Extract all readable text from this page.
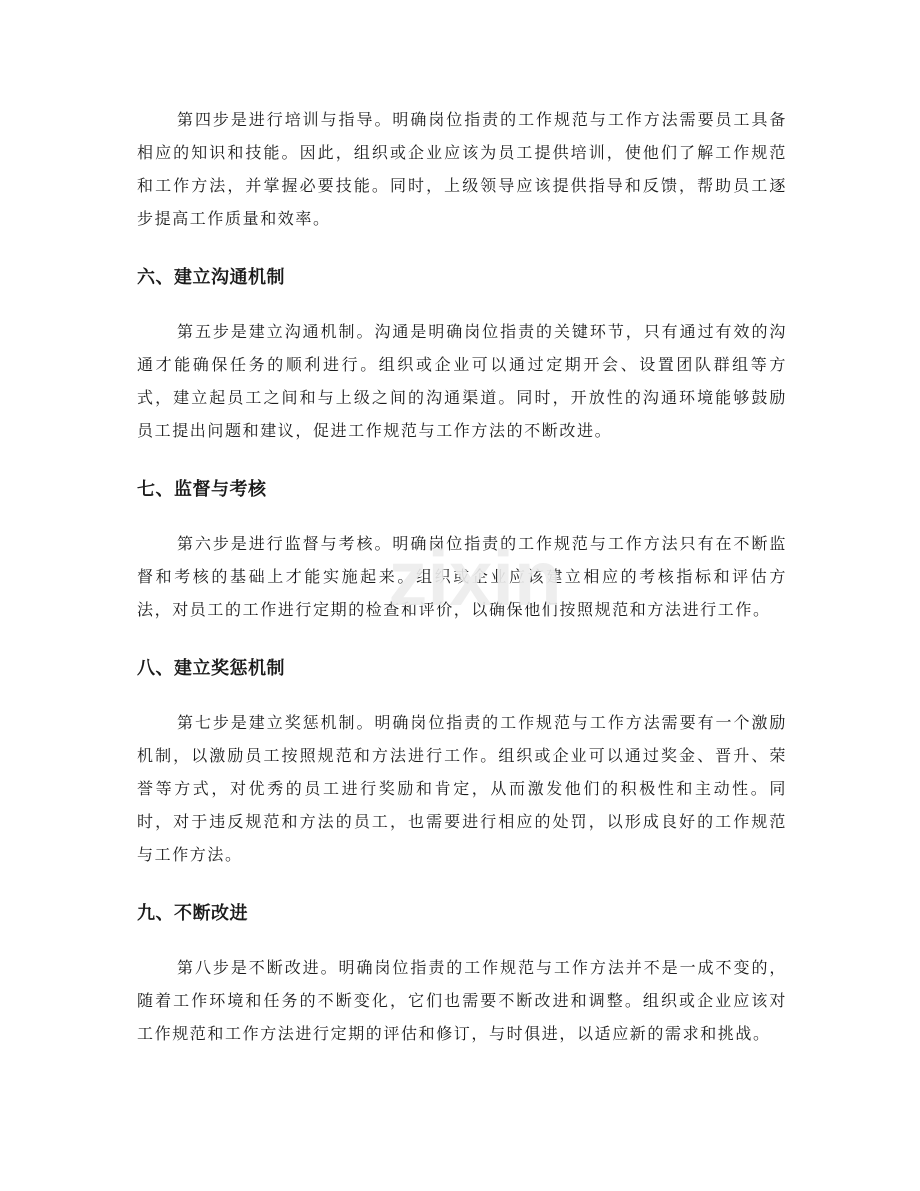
第四步是进行培训与指导。明确岗位指责的工作规范与工作方法需要员工具备相应的知识和技能。因此，组织或企业应该为员工提供培训，使他们了解工作规范和工作方法，并掌握必要技能。同时，上级领导应该提供指导和反馈，帮助员工逐步提高工作质量和效率。

六、建立沟通机制

第五步是建立沟通机制。沟通是明确岗位指责的关键环节，只有通过有效的沟通才能确保任务的顺利进行。组织或企业可以通过定期开会、设置团队群组等方式，建立起员工之间和与上级之间的沟通渠道。同时，开放性的沟通环境能够鼓励员工提出问题和建议，促进工作规范与工作方法的不断改进。

七、监督与考核

第六步是进行监督与考核。明确岗位指责的工作规范与工作方法只有在不断监督和考核的基础上才能实施起来。组织或企业应该建立相应的考核指标和评估方法，对员工的工作进行定期的检查和评价，以确保他们按照规范和方法进行工作。

八、建立奖惩机制

第七步是建立奖惩机制。明确岗位指责的工作规范与工作方法需要有一个激励机制，以激励员工按照规范和方法进行工作。组织或企业可以通过奖金、晋升、荣誉等方式，对优秀的员工进行奖励和肯定，从而激发他们的积极性和主动性。同时，对于违反规范和方法的员工，也需要进行相应的处罚，以形成良好的工作规范与工作方法。

九、不断改进

第八步是不断改进。明确岗位指责的工作规范与工作方法并不是一成不变的，随着工作环境和任务的不断变化，它们也需要不断改进和调整。组织或企业应该对工作规范和工作方法进行定期的评估和修订，与时俱进，以适应新的需求和挑战。

zixin
